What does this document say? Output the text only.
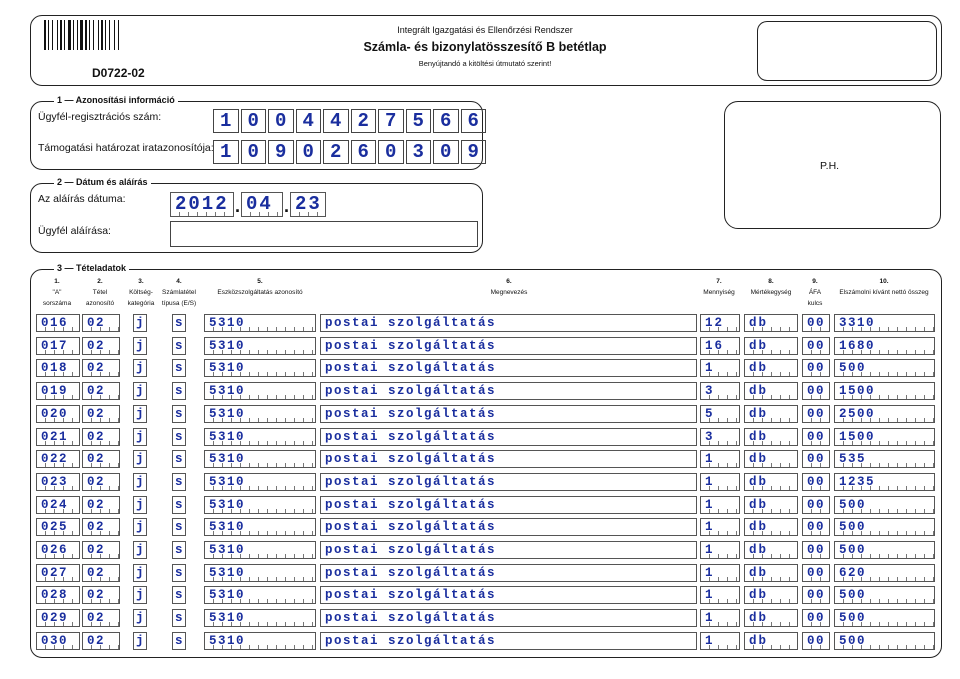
D0722-02
Integrált Igazgatási és Ellenőrzési Rendszer
Számla- és bizonylatösszesítő B betétlap
Benyújtandó a kitöltési útmutató szerint!
1 — Azonosítási információ
Ügyfél-regisztrációs szám:	1 0 0 4 4 2 7 5 6 6
Támogatási határozat iratazonosítója: 1 0 9 0 2 6 0 3 0 9
P.H.
2 — Dátum és aláírás
Az aláírás dátuma:	2012 . 04 . 23
Ügyfél aláírása:
3 — Tételadatok
1.
"A"
sorszáma
2.
Tétel
azonosító
3.
Költség-
kategória
4.
Számlatétel
típusa (E/S)
5.
Eszközszolgáltatás azonosító
6.
Megnevezés
7.
Mennyiség
8.
Mértékegység
9.
ÁFA
kulcs
10.
Elszámolni kívánt nettó összeg
016	02	j	s	5310	postai szolgáltatás	12	db	00	3310
017	02	j	s	5310	postai szolgáltatás	16	db	00	1680
018	02	j	s	5310	postai szolgáltatás	1	db	00	500
019	02	j	s	5310	postai szolgáltatás	3	db	00	1500
020	02	j	s	5310	postai szolgáltatás	5	db	00	2500
021	02	j	s	5310	postai szolgáltatás	3	db	00	1500
022	02	j	s	5310	postai szolgáltatás	1	db	00	535
023	02	j	s	5310	postai szolgáltatás	1	db	00	1235
024	02	j	s	5310	postai szolgáltatás	1	db	00	500
025	02	j	s	5310	postai szolgáltatás	1	db	00	500
026	02	j	s	5310	postai szolgáltatás	1	db	00	500
027	02	j	s	5310	postai szolgáltatás	1	db	00	620
028	02	j	s	5310	postai szolgáltatás	1	db	00	500
029	02	j	s	5310	postai szolgáltatás	1	db	00	500
030	02	j	s	5310	postai szolgáltatás	1	db	00	500
